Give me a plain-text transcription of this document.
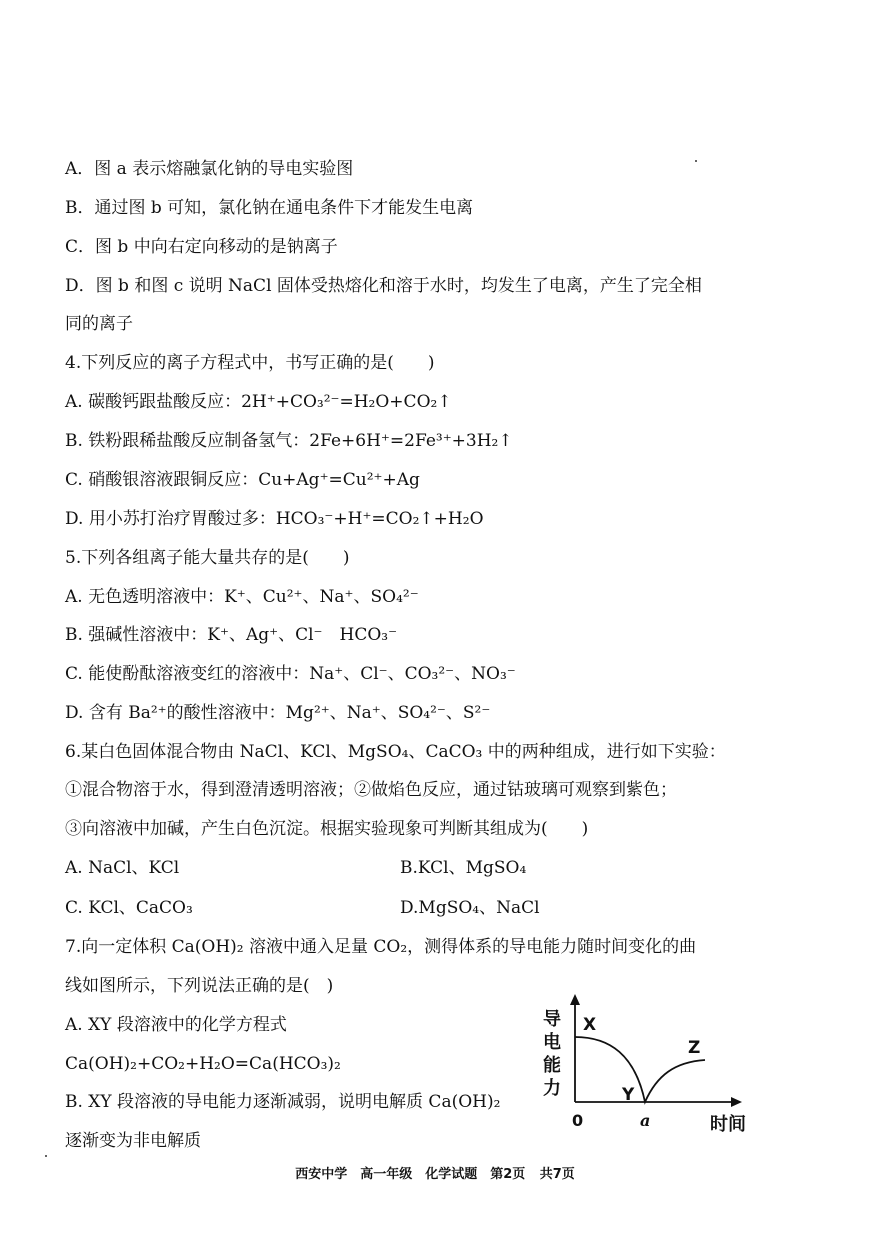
A．图 a 表示熔融氯化钠的导电实验图
B．通过图 b 可知，氯化钠在通电条件下才能发生电离
C．图 b 中向右定向移动的是钠离子
D．图 b 和图 c 说明 NaCl 固体受热熔化和溶于水时，均发生了电离，产生了完全相
同的离子
4.下列反应的离子方程式中，书写正确的是(　　)
A. 碳酸钙跟盐酸反应：2H⁺+CO₃²⁻=H₂O+CO₂↑
B. 铁粉跟稀盐酸反应制备氢气：2Fe+6H⁺=2Fe³⁺+3H₂↑
C. 硝酸银溶液跟铜反应：Cu+Ag⁺=Cu²⁺+Ag
D. 用小苏打治疗胃酸过多：HCO₃⁻+H⁺=CO₂↑+H₂O
5.下列各组离子能大量共存的是(　　)
A. 无色透明溶液中：K⁺、Cu²⁺、Na⁺、SO₄²⁻
B. 强碱性溶液中：K⁺、Ag⁺、Cl⁻　HCO₃⁻
C. 能使酚酞溶液变红的溶液中：Na⁺、Cl⁻、CO₃²⁻、NO₃⁻
D. 含有 Ba²⁺的酸性溶液中：Mg²⁺、Na⁺、SO₄²⁻、S²⁻
6.某白色固体混合物由 NaCl、KCl、MgSO₄、CaCO₃ 中的两种组成，进行如下实验：
①混合物溶于水，得到澄清透明溶液；②做焰色反应，通过钴玻璃可观察到紫色；
③向溶液中加碱，产生白色沉淀。根据实验现象可判断其组成为(　　)
A. NaCl、KCl	B.KCl、MgSO₄
C. KCl、CaCO₃	D.MgSO₄、NaCl
7.向一定体积 Ca(OH)₂ 溶液中通入足量 CO₂，测得体系的导电能力随时间变化的曲
线如图所示，下列说法正确的是(　)
A. XY 段溶液中的化学方程式
Ca(OH)₂+CO₂+H₂O=Ca(HCO₃)₂
B. XY 段溶液的导电能力逐渐减弱，说明电解质 Ca(OH)₂
逐渐变为非电解质
导
电
能
力
X
Y
Z
0	a	时间
西安中学　高一年级　化学试题　第2页 共7页
